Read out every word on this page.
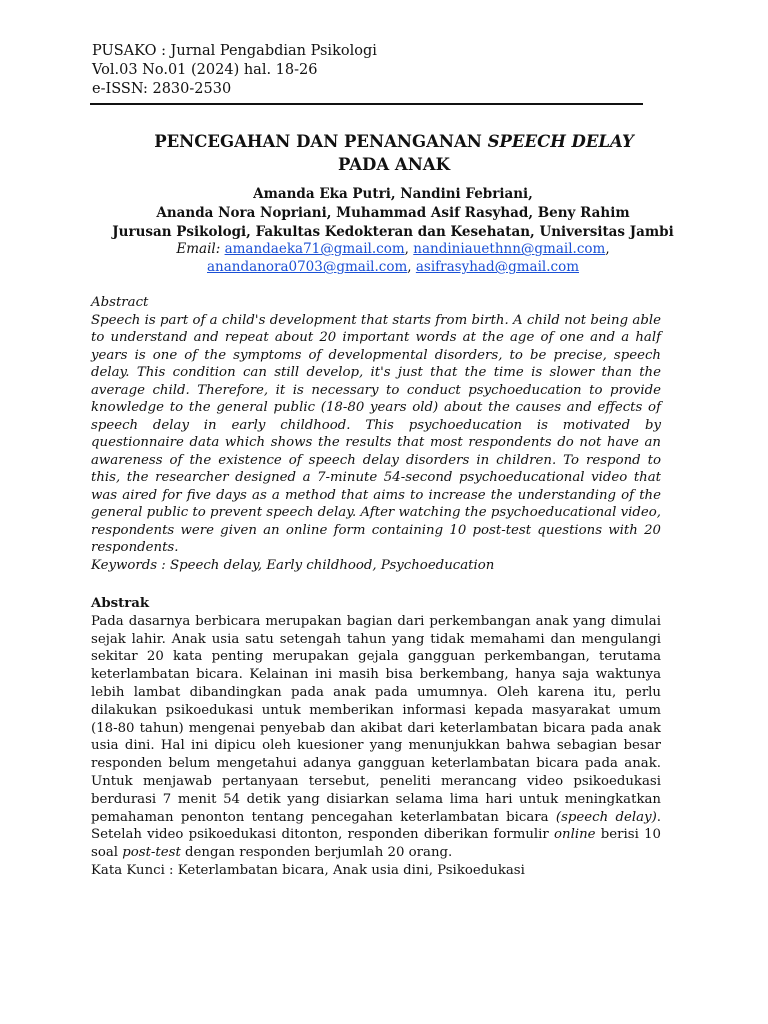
PUSAKO : Jurnal Pengabdian Psikologi
Vol.03 No.01 (2024) hal. 18-26
e-ISSN: 2830-2530
PENCEGAHAN DAN PENANGANAN SPEECH DELAY
PADA ANAK
Amanda Eka Putri, Nandini Febriani,
Ananda Nora Nopriani, Muhammad Asif Rasyhad, Beny Rahim
Jurusan Psikologi, Fakultas Kedokteran dan Kesehatan, Universitas Jambi
Email: amandaeka71@gmail.com, nandiniauethnn@gmail.com,
anandanora0703@gmail.com, asifrasyhad@gmail.com
Abstract
Speech is part of a child's development that starts from birth. A child not being able to understand and repeat about 20 important words at the age of one and a half years is one of the symptoms of developmental disorders, to be precise, speech delay. This condition can still develop, it's just that the time is slower than the average child. Therefore, it is necessary to conduct psychoeducation to provide knowledge to the general public (18-80 years old) about the causes and effects of speech delay in early childhood. This psychoeducation is motivated by questionnaire data which shows the results that most respondents do not have an awareness of the existence of speech delay disorders in children. To respond to this, the researcher designed a 7-minute 54-second psychoeducational video that was aired for five days as a method that aims to increase the understanding of the general public to prevent speech delay. After watching the psychoeducational video, respondents were given an online form containing 10 post-test questions with 20 respondents.
Keywords : Speech delay, Early childhood, Psychoeducation
Abstrak
Pada dasarnya berbicara merupakan bagian dari perkembangan anak yang dimulai sejak lahir. Anak usia satu setengah tahun yang tidak memahami dan mengulangi sekitar 20 kata penting merupakan gejala gangguan perkembangan, terutama keterlambatan bicara. Kelainan ini masih bisa berkembang, hanya saja waktunya lebih lambat dibandingkan pada anak pada umumnya. Oleh karena itu, perlu dilakukan psikoedukasi untuk memberikan informasi kepada masyarakat umum (18-80 tahun) mengenai penyebab dan akibat dari keterlambatan bicara pada anak usia dini. Hal ini dipicu oleh kuesioner yang menunjukkan bahwa sebagian besar responden belum mengetahui adanya gangguan keterlambatan bicara pada anak. Untuk menjawab pertanyaan tersebut, peneliti merancang video psikoedukasi berdurasi 7 menit 54 detik yang disiarkan selama lima hari untuk meningkatkan pemahaman penonton tentang pencegahan keterlambatan bicara (speech delay). Setelah video psikoedukasi ditonton, responden diberikan formulir online berisi 10 soal post-test dengan responden berjumlah 20 orang.
Kata Kunci : Keterlambatan bicara, Anak usia dini, Psikoedukasi
